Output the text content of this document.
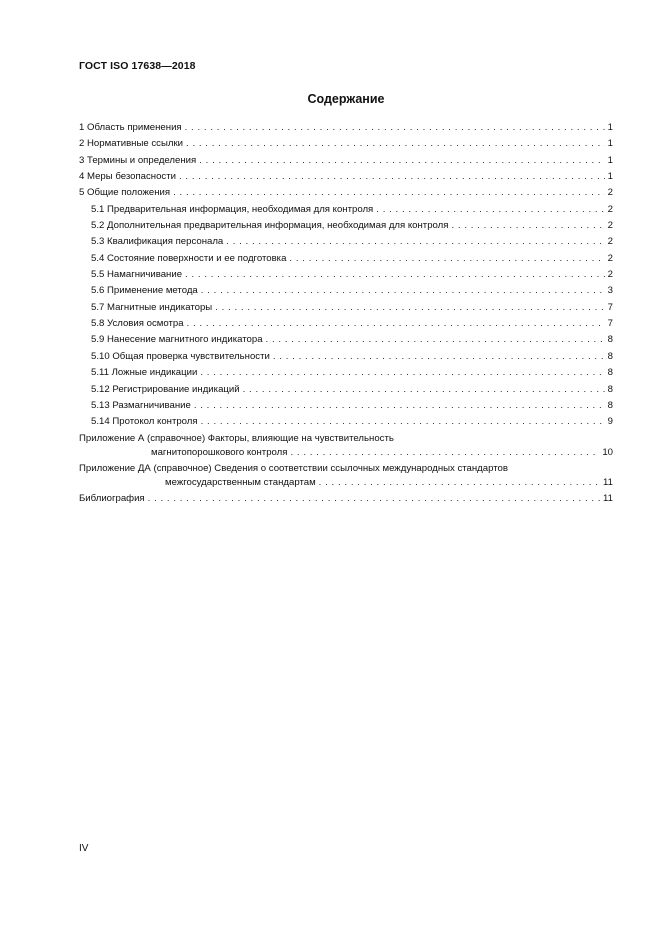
ГОСТ ISO 17638—2018
Содержание
1 Область применения . . .	1
2 Нормативные ссылки . . .	1
3 Термины и определения . . .	1
4 Меры безопасности . . .	1
5 Общие положения . . .	2
5.1 Предварительная информация, необходимая для контроля . . .	2
5.2 Дополнительная предварительная информация, необходимая для контроля . . .	2
5.3 Квалификация персонала . . .	2
5.4 Состояние поверхности и ее подготовка . . .	2
5.5 Намагничивание . . .	2
5.6 Применение метода . . .	3
5.7 Магнитные индикаторы . . .	7
5.8 Условия осмотра . . .	7
5.9 Нанесение магнитного индикатора . . .	8
5.10 Общая проверка чувствительности . . .	8
5.11 Ложные индикации . . .	8
5.12 Регистрирование индикаций . . .	8
5.13 Размагничивание . . .	8
5.14 Протокол контроля . . .	9
Приложение А (справочное) Факторы, влияющие на чувствительность
магнитопорошкового контроля . . .	10
Приложение ДА (справочное) Сведения о соответствии ссылочных международных стандартов
межгосударственным стандартам . . .	11
Библиография . . .	11
IV
